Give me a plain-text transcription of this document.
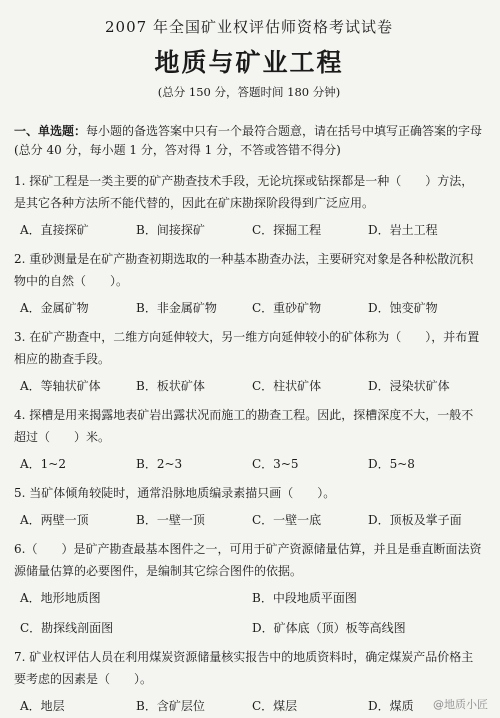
2007 年全国矿业权评估师资格考试试卷
地质与矿业工程
(总分 150 分，答题时间 180 分钟)
一、单选题：每小题的备选答案中只有一个最符合题意，请在括号中填写正确答案的字母(总分 40 分，每小题 1 分，答对得 1 分，不答或答错不得分)
1. 探矿工程是一类主要的矿产勘查技术手段，无论坑探或钻探都是一种（　　）方法，是其它各种方法所不能代替的，因此在矿床勘探阶段得到广泛应用。
A．直接探矿	B．间接探矿	C．探掘工程	D．岩土工程
2. 重砂测量是在矿产勘查初期选取的一种基本勘查办法，主要研究对象是各种松散沉积物中的自然（　　）。
A．金属矿物	B．非金属矿物	C．重砂矿物	D．蚀变矿物
3. 在矿产勘查中，二维方向延伸较大，另一维方向延伸较小的矿体称为（　　），并布置相应的勘查手段。
A．等轴状矿体	B．板状矿体	C．柱状矿体	D．浸染状矿体
4. 探槽是用来揭露地表矿岩出露状况而施工的勘查工程。因此，探槽深度不大，一般不超过（　　）米。
A．1~2	B．2~3	C．3~5	D．5~8
5. 当矿体倾角较陡时，通常沿脉地质编录素描只画（　　）。
A．两壁一顶	B．一壁一顶	C．一壁一底	D．顶板及掌子面
6.（　　）是矿产勘查最基本图件之一，可用于矿产资源储量估算，并且是垂直断面法资源储量估算的必要图件，是编制其它综合图件的依据。
A．地形地质图	B．中段地质平面图
C．勘探线剖面图	D．矿体底（顶）板等高线图
7. 矿业权评估人员在利用煤炭资源储量核实报告中的地质资料时，确定煤炭产品价格主要考虑的因素是（　　）。
A．地层	B．含矿层位	C．煤层	D．煤质	@地质小匠
